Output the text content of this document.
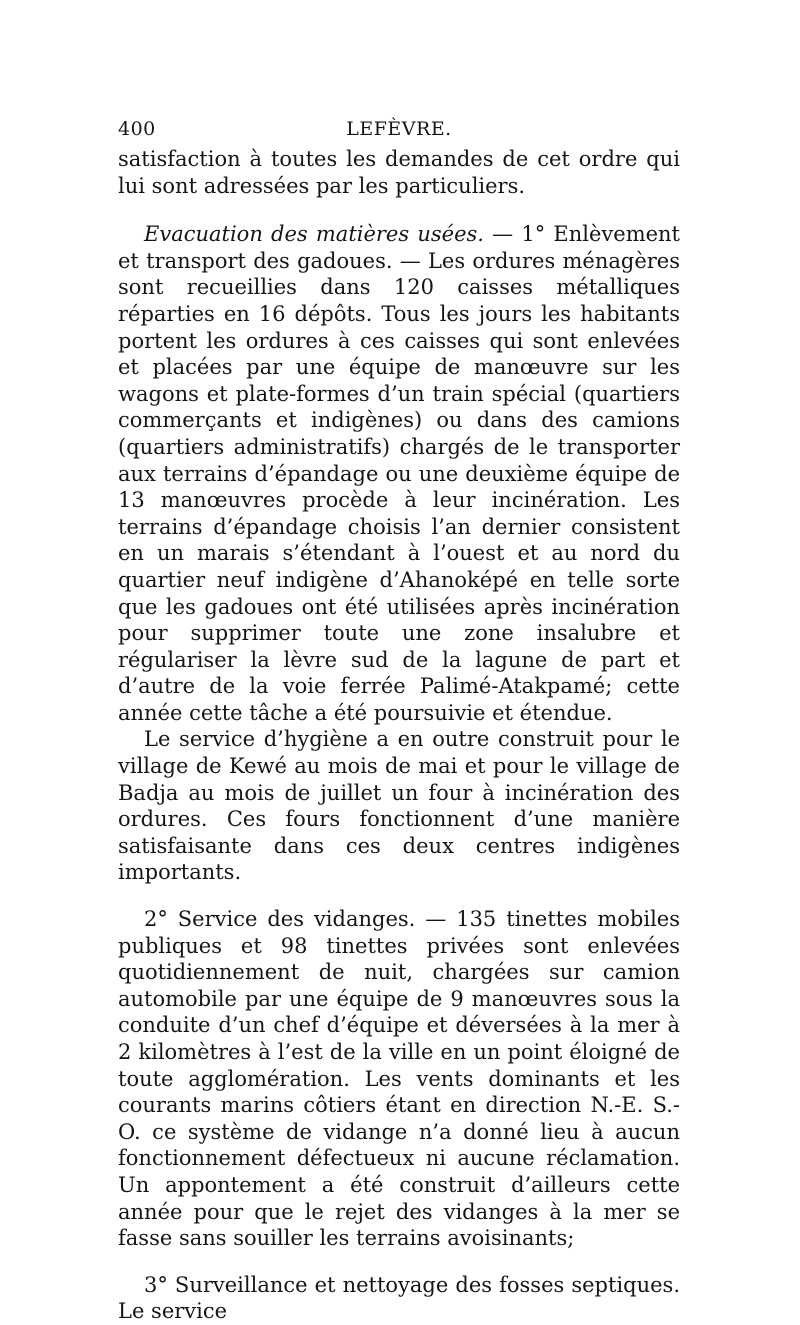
400	LEFÈVRE.

satisfaction à toutes les demandes de cet ordre qui lui sont adressées par les particuliers.

Evacuation des matières usées. — 1° Enlèvement et transport des gadoues. — Les ordures ménagères sont recueillies dans 120 caisses métalliques réparties en 16 dépôts. Tous les jours les habitants portent les ordures à ces caisses qui sont enlevées et placées par une équipe de manœuvre sur les wagons et plate-formes d’un train spécial (quartiers commerçants et indigènes) ou dans des camions (quartiers administratifs) chargés de le transporter aux terrains d’épandage ou une deuxième équipe de 13 manœuvres procède à leur incinération. Les terrains d’épandage choisis l’an dernier consistent en un marais s’étendant à l’ouest et au nord du quartier neuf indigène d’Ahanoképé en telle sorte que les gadoues ont été utilisées après incinération pour supprimer toute une zone insalubre et régulariser la lèvre sud de la lagune de part et d’autre de la voie ferrée Palimé-Atakpamé; cette année cette tâche a été poursuivie et étendue.

Le service d’hygiène a en outre construit pour le village de Kewé au mois de mai et pour le village de Badja au mois de juillet un four à incinération des ordures. Ces fours fonctionnent d’une manière satisfaisante dans ces deux centres indigènes importants.

2° Service des vidanges. — 135 tinettes mobiles publiques et 98 tinettes privées sont enlevées quotidiennement de nuit, chargées sur camion automobile par une équipe de 9 manœuvres sous la conduite d’un chef d’équipe et déversées à la mer à 2 kilomètres à l’est de la ville en un point éloigné de toute agglomération. Les vents dominants et les courants marins côtiers étant en direction N.-E. S.-O. ce système de vidange n’a donné lieu à aucun fonctionnement défectueux ni aucune réclamation. Un appontement a été construit d’ailleurs cette année pour que le rejet des vidanges à la mer se fasse sans souiller les terrains avoisinants;

3° Surveillance et nettoyage des fosses septiques. Le service
